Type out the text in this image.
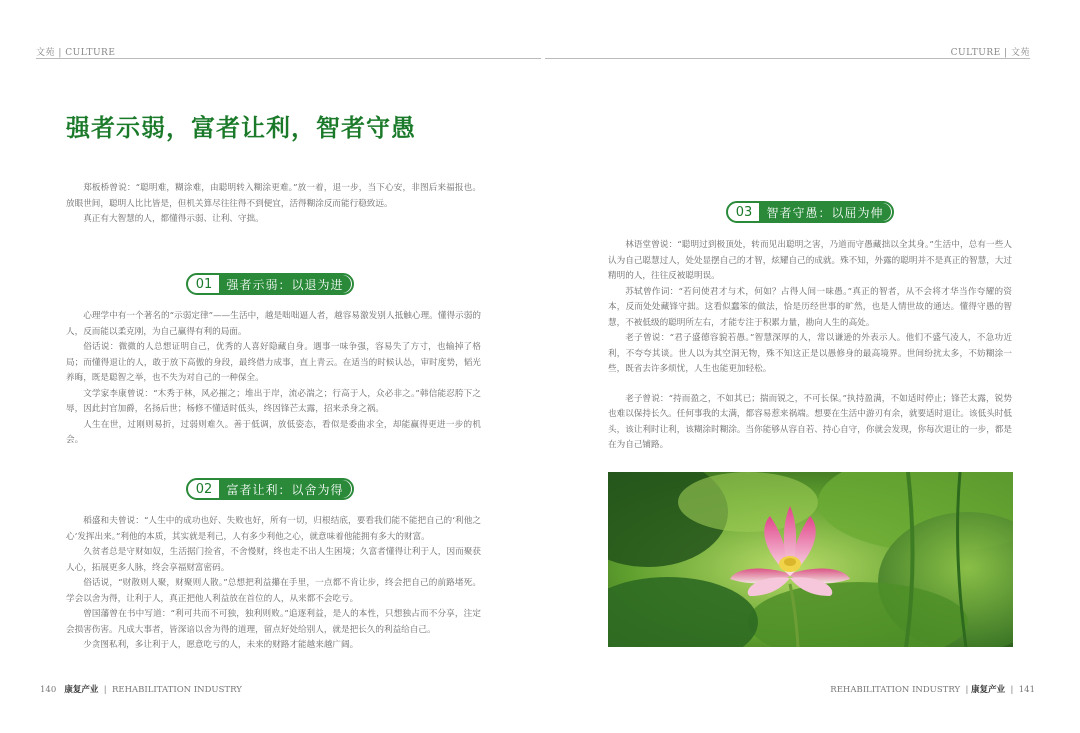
文苑 | CULTURE	CULTURE | 文苑
强者示弱，富者让利，智者守愚

郑板桥曾说：“聪明难，糊涂难，由聪明转入糊涂更难。”放一着，退一步，当下心安，非图后来福报也。放眼世间，聪明人比比皆是，但机关算尽往往得不到便宜，活得糊涂反而能行稳致远。

真正有大智慧的人，都懂得示弱、让利、守拙。

01	强者示弱：以退为进

心理学中有一个著名的“示弱定律”——生活中，越是咄咄逼人者，越容易激发别人抵触心理。懂得示弱的人，反而能以柔克刚，为自己赢得有利的局面。

俗话说：微微的人总想证明自己，优秀的人喜好隐藏自身。遇事一味争强，容易失了方寸，也输掉了格局；而懂得退让的人，敢于放下高傲的身段，最终借力成事，直上青云。在适当的时候认怂，审时度势，韬光养晦，既是聪智之举，也不失为对自己的一种保全。

文学家李康曾说：“木秀于林，风必摧之；堆出于岸，流必湍之；行高于人，众必非之。”韩信能忍胯下之辱，因此封官加爵，名扬后世；杨修不懂适时低头，终因锋芒太露，招来杀身之祸。

人生在世，过刚则易折，过弱则难久。善于低调，放低姿态，看似是委曲求全，却能赢得更进一步的机会。

02	富者让利：以舍为得

稻盛和夫曾说：“人生中的成功也好、失败也好，所有一切，归根结底，要看我们能不能把自己的‘利他之心’发挥出来。”利他的本质，其实就是利己，人有多少利他之心，就意味着他能拥有多大的财富。

久贫者总是守财如奴，生活据门捡省，不舍慢财，终也走不出人生困境；久富者懂得让利于人，因而聚获人心，拓展更多人脉，终会享福财富密码。

俗话说，“财散则人聚，财聚则人散。”总想把利益攥在手里，一点都不肯让步，终会把自己的前路堵死。学会以舍为得，让利于人，真正把他人利益放在首位的人，从来都不会吃亏。

曾国藩曾在书中写道：“利可共而不可独，独利则败。”追逐利益，是人的本性，只想独占而不分享，注定会损害伤害。凡成大事者，皆深谙以舍为得的道理，留点好处给别人，就是把长久的利益给自己。

少贪图私利，多让利于人，愿意吃亏的人，未来的财路才能越来越广阔。

03	智者守愚：以屈为伸

林语堂曾说：“聪明过到极顶处，转而见出聪明之害，乃道而守愚藏拙以全其身。”生活中，总有一些人认为自己聪慧过人，处处显摆自己的才智，炫耀自己的成就。殊不知，外露的聪明并不是真正的智慧，大过精明的人，往往反被聪明误。

苏轼曾作词：“若问使君才与术，何如？占得人间一味愚。”真正的智者，从不会将才华当作夸耀的资本，反而处处藏锋守拙。这看似蠢笨的做法，恰是历经世事的旷然，也是人情世故的通达。懂得守愚的智慧，不被低级的聪明所左右，才能专注于积累力量，勘向人生的高处。

老子曾说：“君子盛德容貌若愚。”智慧深厚的人，常以谦逊的外表示人。他们不盛气凌人，不急功近利，不夸夸其谈。世人以为其空洞无物，殊不知这正是以愚修身的最高境界。世间纷扰太多，不妨糊涂一些，既省去许多烦忧，人生也能更加轻松。

老子曾说：“持而盈之，不如其已；揣而锐之，不可长保。”执持盈满，不如适时停止；锋芒太露，锐势也难以保持长久。任何事我的太满，都容易惹来祸端。想要在生活中游刃有余，就要适时退让。该低头时低头，该让利时让利，该糊涂时糊涂。当你能够从容自若、持心自守，你就会发现，你每次退让的一步，都是在为自己铺路。

140 康复产业  |  REHABILITATION INDUSTRY	REHABILITATION INDUSTRY  | 康复产业  |  141
